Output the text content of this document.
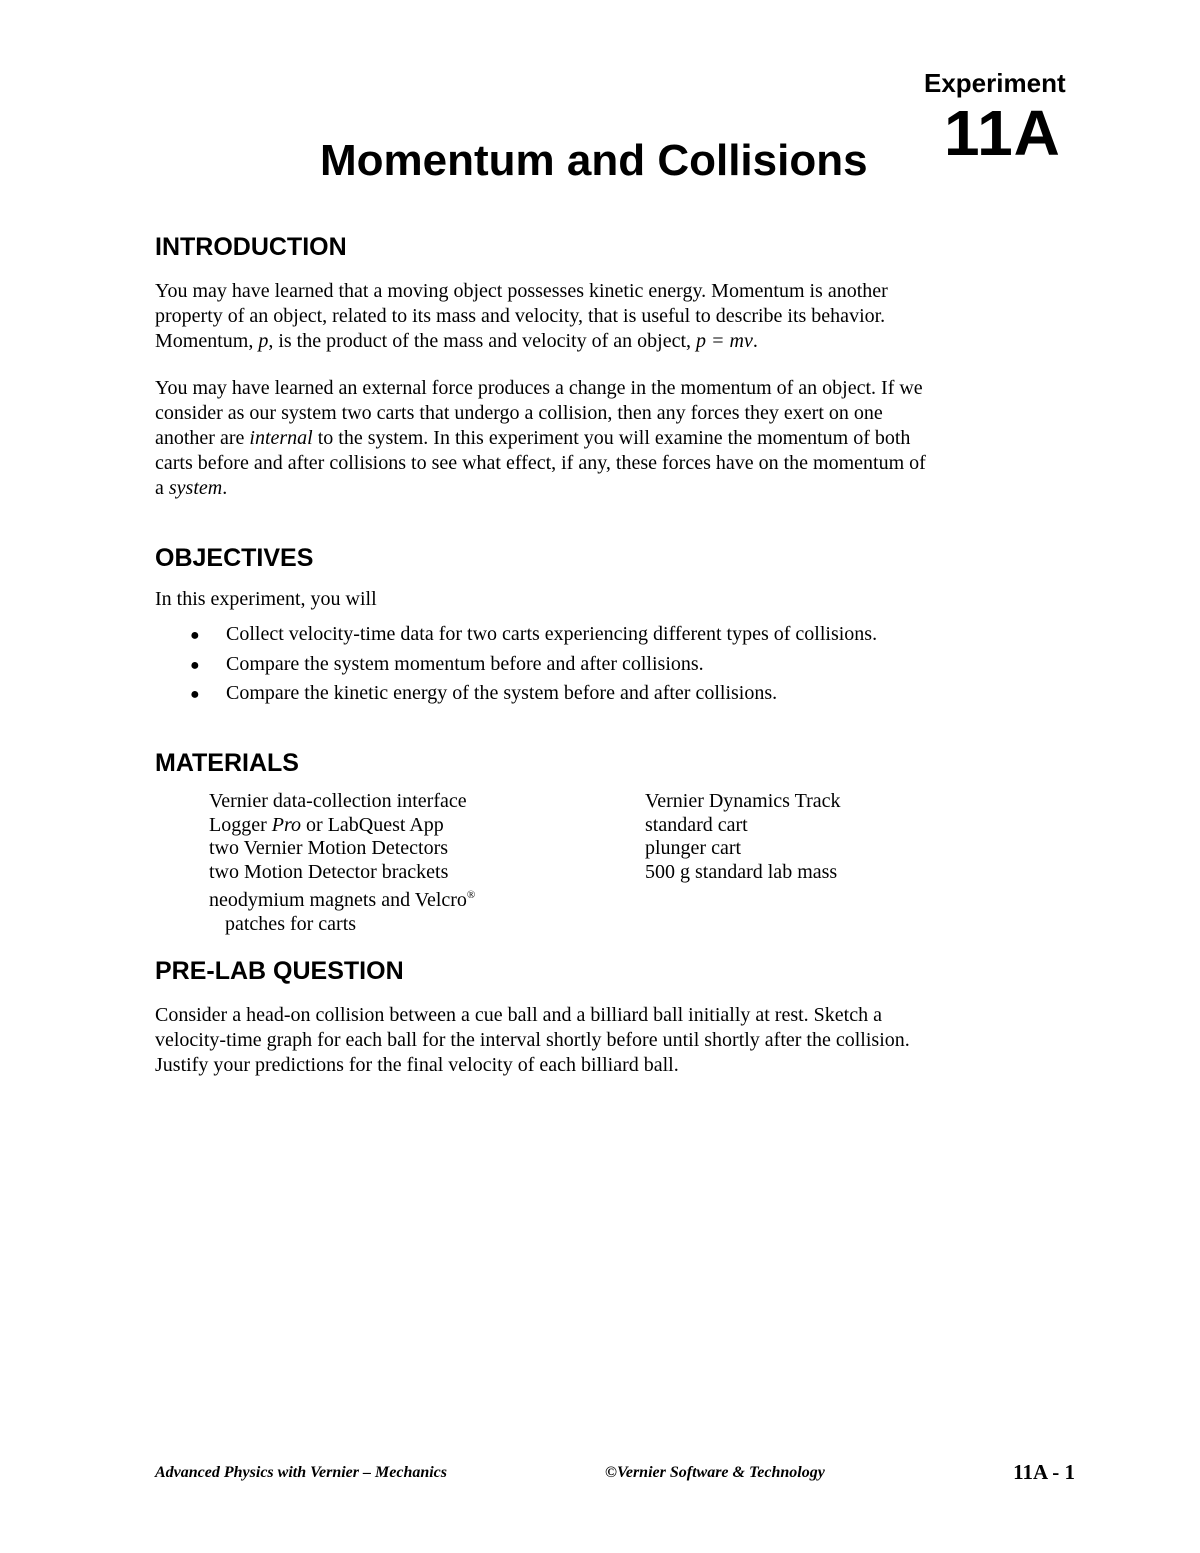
Experiment
11A
Momentum and Collisions
INTRODUCTION

You may have learned that a moving object possesses kinetic energy. Momentum is another
property of an object, related to its mass and velocity, that is useful to describe its behavior.
Momentum, p, is the product of the mass and velocity of an object, p = mv.

You may have learned an external force produces a change in the momentum of an object. If we
consider as our system two carts that undergo a collision, then any forces they exert on one
another are internal to the system. In this experiment you will examine the momentum of both
carts before and after collisions to see what effect, if any, these forces have on the momentum of
a system.

OBJECTIVES

In this experiment, you will

● Collect velocity-time data for two carts experiencing different types of collisions.
● Compare the system momentum before and after collisions.
● Compare the kinetic energy of the system before and after collisions.
MATERIALS
Vernier data-collection interface
Logger Pro or LabQuest App
two Vernier Motion Detectors
two Motion Detector brackets
neodymium magnets and Velcro®
patches for carts
Vernier Dynamics Track
standard cart
plunger cart
500 g standard lab mass
PRE-LAB QUESTION

Consider a head-on collision between a cue ball and a billiard ball initially at rest. Sketch a
velocity-time graph for each ball for the interval shortly before until shortly after the collision.
Justify your predictions for the final velocity of each billiard ball.

Advanced Physics with Vernier – Mechanics	©Vernier Software & Technology	11A - 1
